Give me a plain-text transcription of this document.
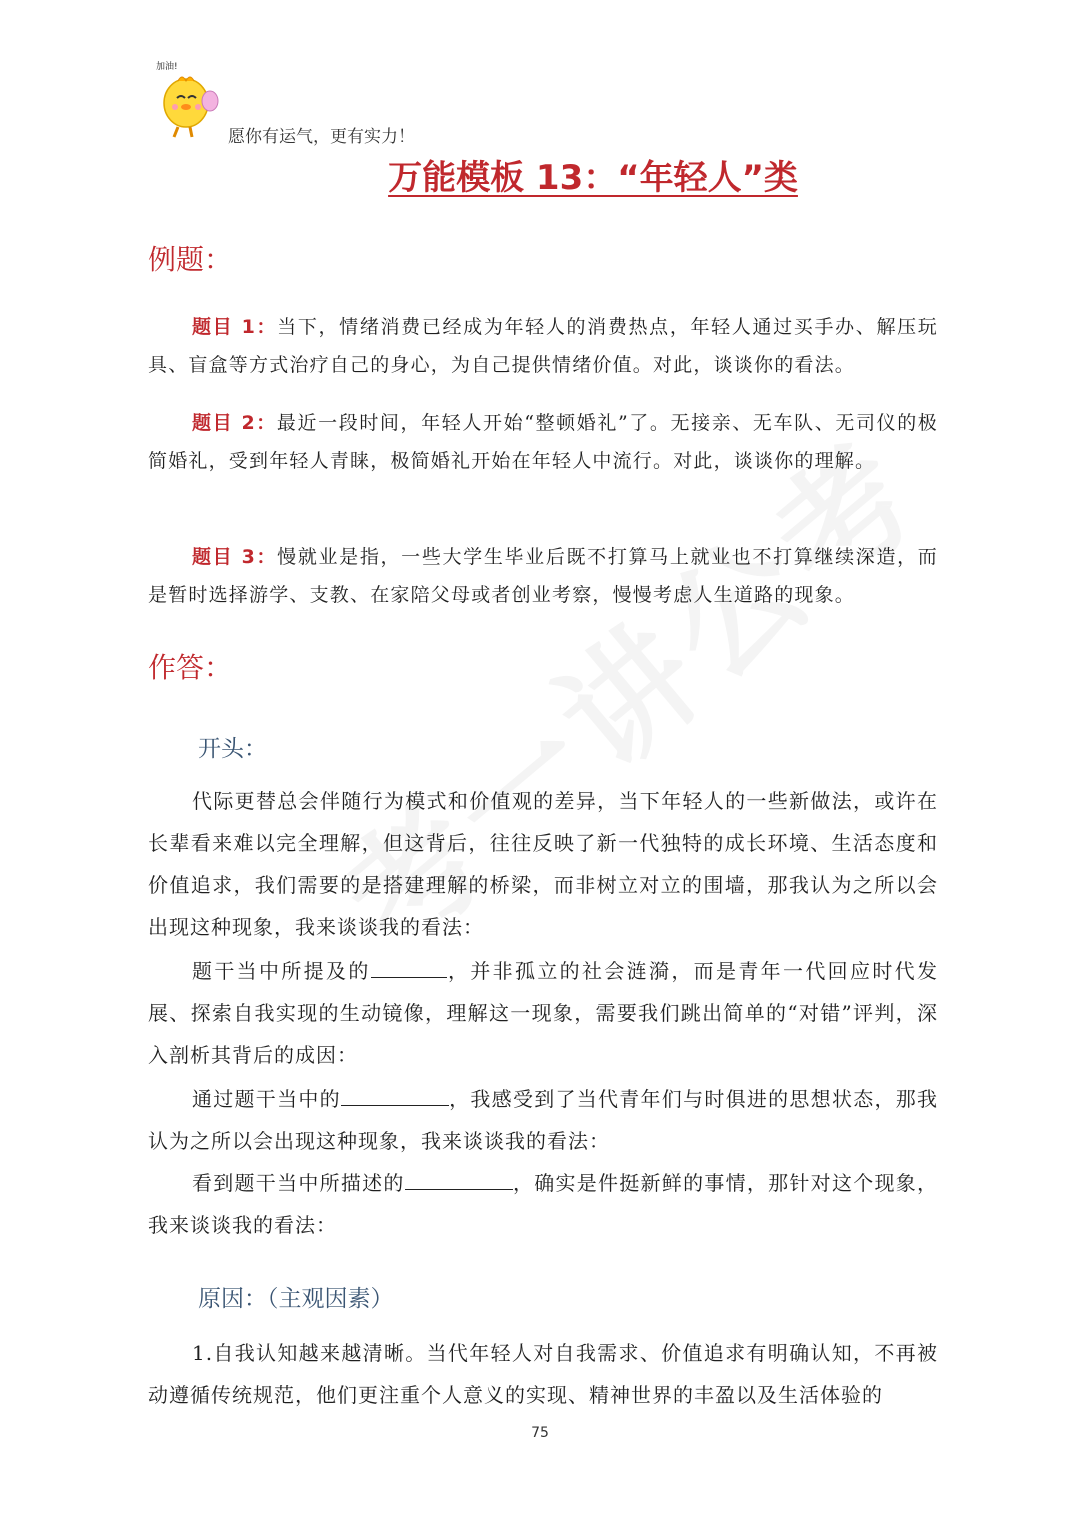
加油!
愿你有运气，更有实力！
万能模板 13：“年轻人”类
例题：
题目 1：当下，情绪消费已经成为年轻人的消费热点，年轻人通过买手办、解压玩具、盲盒等方式治疗自己的身心，为自己提供情绪价值。对此，谈谈你的看法。
题目 2：最近一段时间，年轻人开始“整顿婚礼”了。无接亲、无车队、无司仪的极简婚礼，受到年轻人青睐，极简婚礼开始在年轻人中流行。对此，谈谈你的理解。
题目 3：慢就业是指，一些大学生毕业后既不打算马上就业也不打算继续深造，而是暂时选择游学、支教、在家陪父母或者创业考察，慢慢考虑人生道路的现象。
作答：
开头：
代际更替总会伴随行为模式和价值观的差异，当下年轻人的一些新做法，或许在长辈看来难以完全理解，但这背后，往往反映了新一代独特的成长环境、生活态度和价值追求，我们需要的是搭建理解的桥梁，而非树立对立的围墙，那我认为之所以会出现这种现象，我来谈谈我的看法：
题干当中所提及的	，并非孤立的社会涟漪，而是青年一代回应时代发展、探索自我实现的生动镜像，理解这一现象，需要我们跳出简单的“对错”评判，深入剖析其背后的成因：
通过题干当中的	，我感受到了当代青年们与时俱进的思想状态，那我认为之所以会出现这种现象，我来谈谈我的看法：
看到题干当中所描述的	，确实是件挺新鲜的事情，那针对这个现象，我来谈谈我的看法：
原因：（主观因素）
1.自我认知越来越清晰。当代年轻人对自我需求、价值追求有明确认知，不再被动遵循传统规范，他们更注重个人意义的实现、精神世界的丰盈以及生活体验的
75
